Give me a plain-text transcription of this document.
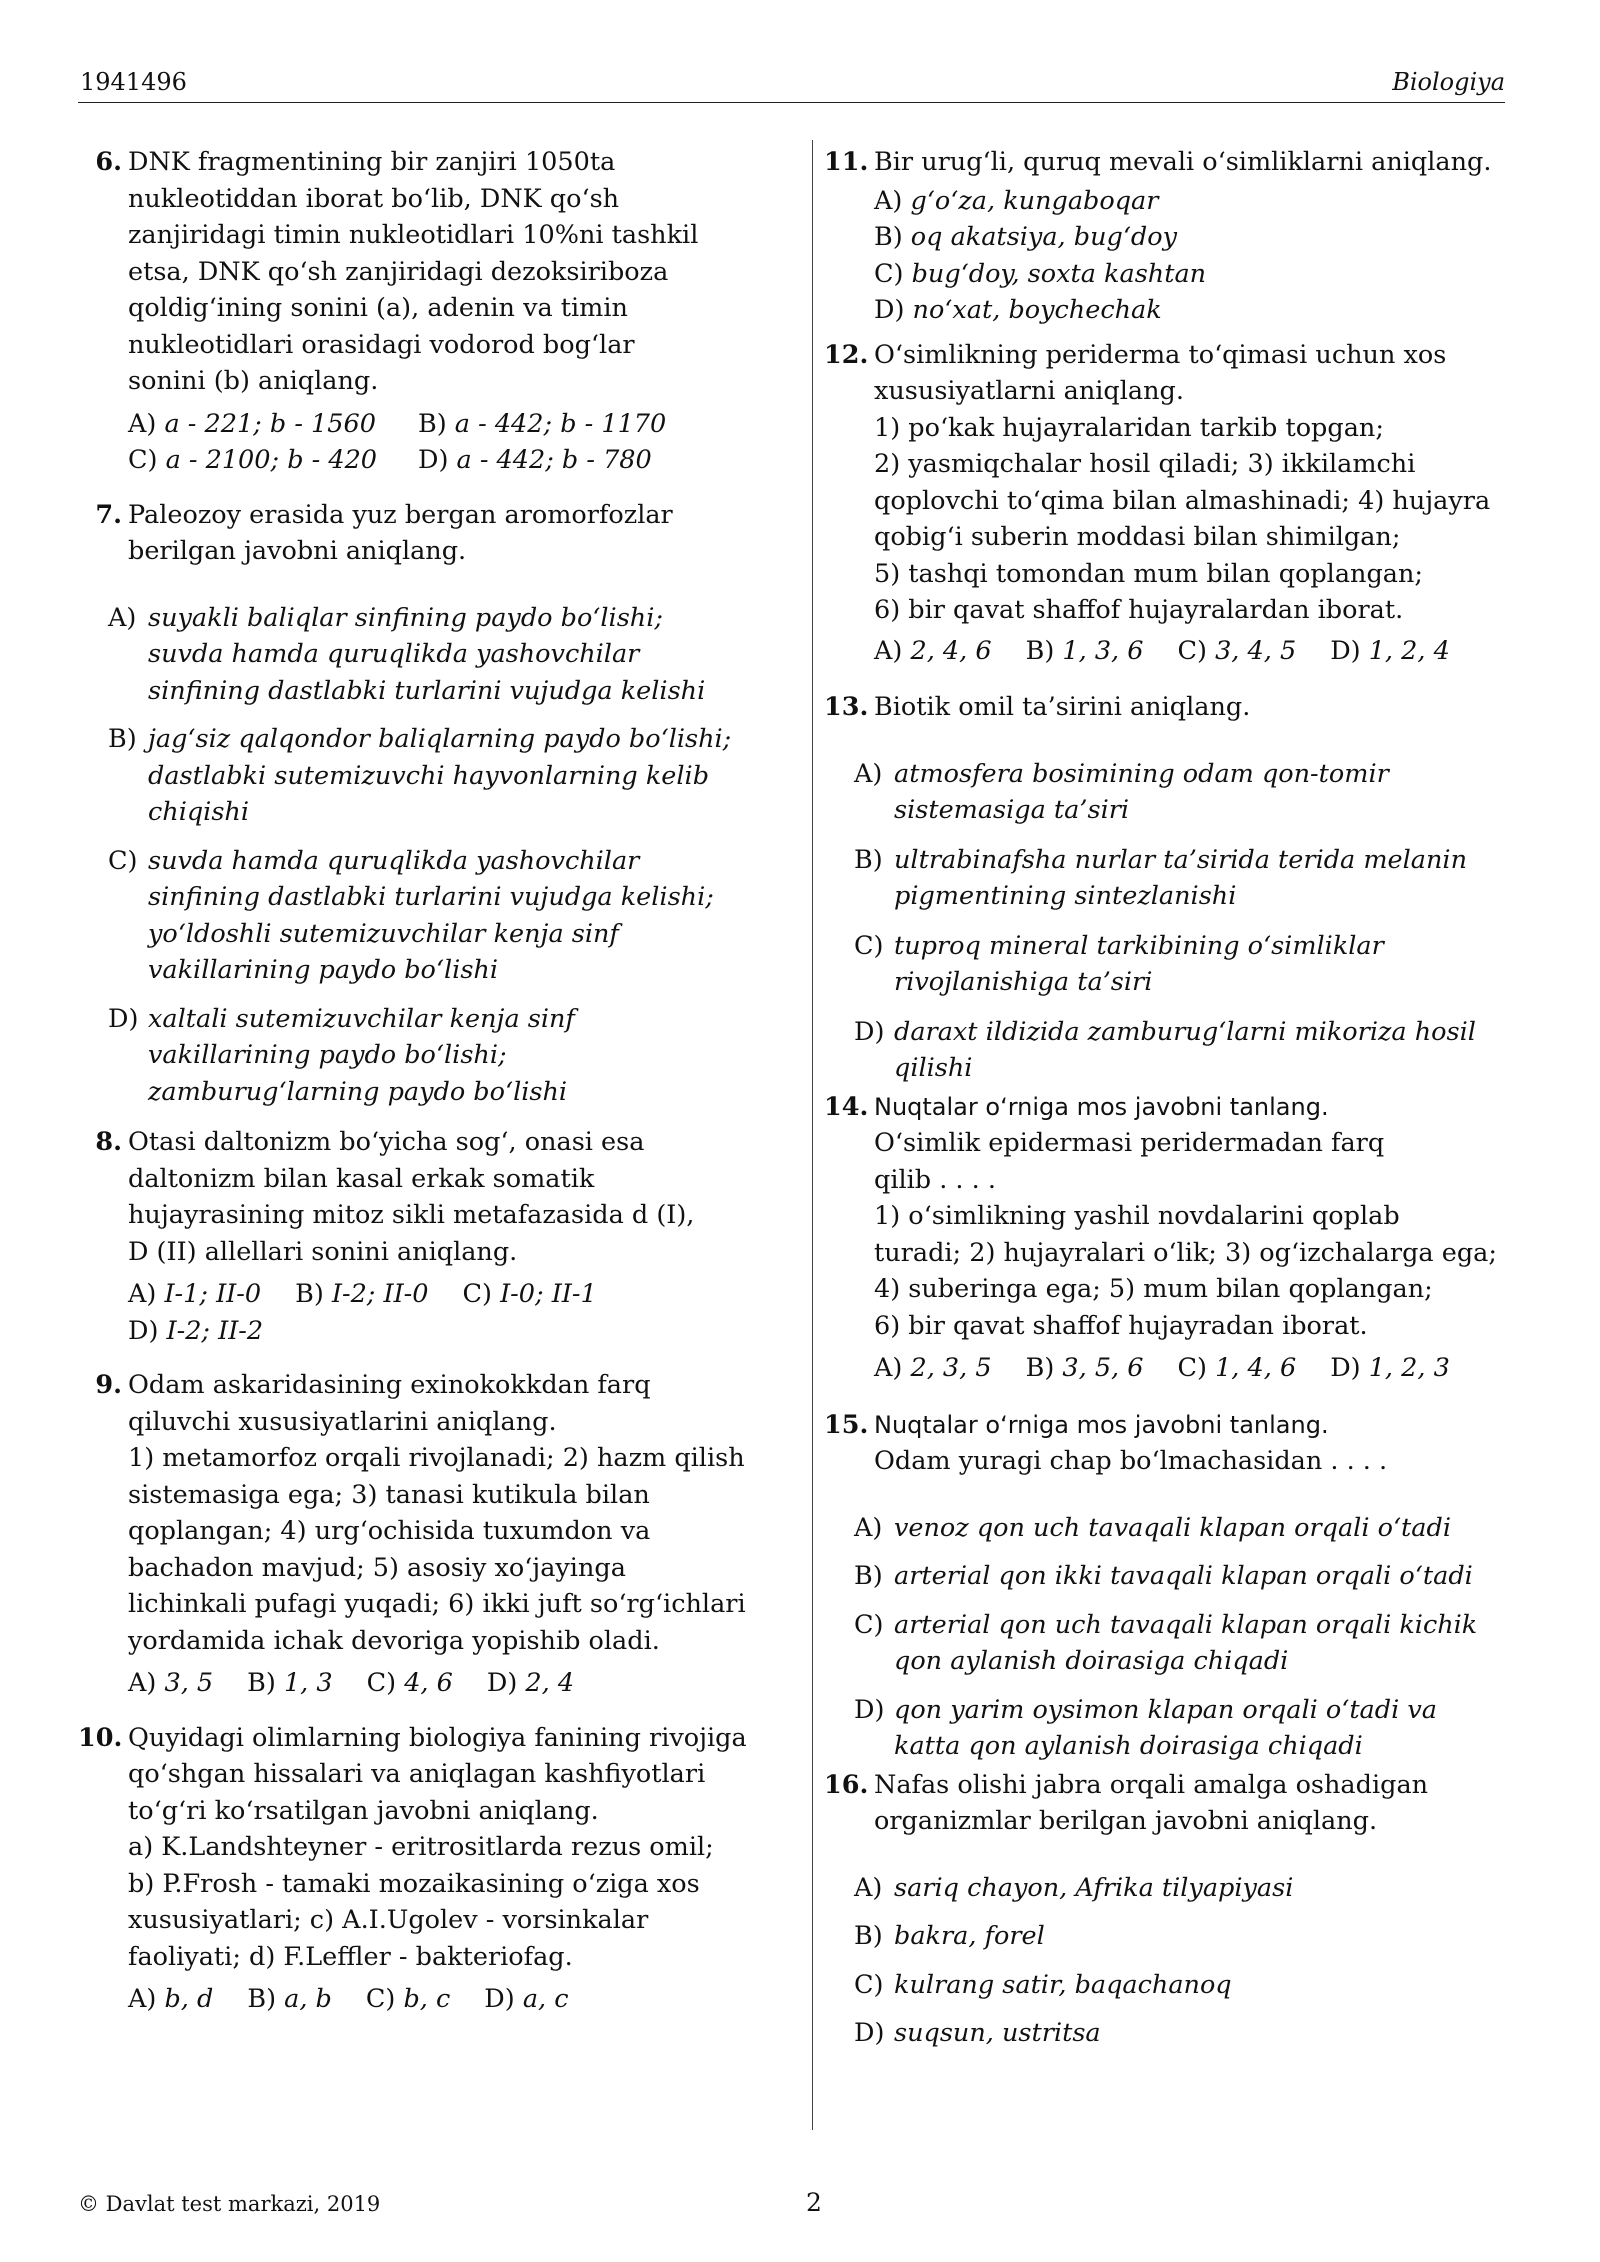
1941496	Biologiya
6. DNK fragmentining bir zanjiri 1050ta
nukleotiddan iborat bo‘lib, DNK qo‘sh
zanjiridagi timin nukleotidlari 10%ni tashkil
etsa, DNK qo‘sh zanjiridagi dezoksiriboza
qoldig‘ining sonini (a), adenin va timin
nukleotidlari orasidagi vodorod bog‘lar
sonini (b) aniqlang.
A) a - 221; b - 1560	B) a - 442; b - 1170
C) a - 2100; b - 420	D) a - 442; b - 780
7. Paleozoy erasida yuz bergan aromorfozlar
berilgan javobni aniqlang.
A) suyakli baliqlar sinfining paydo bo‘lishi;
suvda hamda quruqlikda yashovchilar
sinfining dastlabki turlarini vujudga kelishi
B) jag‘siz qalqondor baliqlarning paydo bo‘lishi;
dastlabki sutemizuvchi hayvonlarning kelib
chiqishi
C) suvda hamda quruqlikda yashovchilar
sinfining dastlabki turlarini vujudga kelishi;
yo‘ldoshli sutemizuvchilar kenja sinf
vakillarining paydo bo‘lishi
D) xaltali sutemizuvchilar kenja sinf
vakillarining paydo bo‘lishi;
zamburug‘larning paydo bo‘lishi
8. Otasi daltonizm bo‘yicha sog‘, onasi esa
daltonizm bilan kasal erkak somatik
hujayrasining mitoz sikli metafazasida d (I),
D (II) allellari sonini aniqlang.
A) I-1; II-0 B) I-2; II-0 C) I-0; II-1
D) I-2; II-2
9. Odam askaridasining exinokokkdan farq
qiluvchi xususiyatlarini aniqlang.
1) metamorfoz orqali rivojlanadi; 2) hazm qilish
sistemasiga ega; 3) tanasi kutikula bilan
qoplangan; 4) urg‘ochisida tuxumdon va
bachadon mavjud; 5) asosiy xo‘jayinga
lichinkali pufagi yuqadi; 6) ikki juft so‘rg‘ichlari
yordamida ichak devoriga yopishib oladi.
A) 3, 5 B) 1, 3 C) 4, 6 D) 2, 4
10. Quyidagi olimlarning biologiya fanining rivojiga
qo‘shgan hissalari va aniqlagan kashfiyotlari
to‘g‘ri ko‘rsatilgan javobni aniqlang.
a) K.Landshteyner - eritrositlarda rezus omil;
b) P.Frosh - tamaki mozaikasining o‘ziga xos
xususiyatlari; c) A.I.Ugolev - vorsinkalar
faoliyati; d) F.Leffler - bakteriofag.
A) b, d B) a, b C) b, c D) a, c
11. Bir urug‘li, quruq mevali o‘simliklarni aniqlang.
A) g‘o‘za, kungaboqar
B) oq akatsiya, bug‘doy
C) bug‘doy, soxta kashtan
D) no‘xat, boychechak
12. O‘simlikning periderma to‘qimasi uchun xos
xususiyatlarni aniqlang.
1) po‘kak hujayralaridan tarkib topgan;
2) yasmiqchalar hosil qiladi; 3) ikkilamchi
qoplovchi to‘qima bilan almashinadi; 4) hujayra
qobig‘i suberin moddasi bilan shimilgan;
5) tashqi tomondan mum bilan qoplangan;
6) bir qavat shaffof hujayralardan iborat.
A) 2, 4, 6 B) 1, 3, 6 C) 3, 4, 5 D) 1, 2, 4
13. Biotik omil ta’sirini aniqlang.
A) atmosfera bosimining odam qon-tomir
sistemasiga ta’siri
B) ultrabinafsha nurlar ta’sirida terida melanin
pigmentining sintezlanishi
C) tuproq mineral tarkibining o‘simliklar
rivojlanishiga ta’siri
D) daraxt ildizida zamburug‘larni mikoriza hosil
qilishi
14. Nuqtalar o‘rniga mos javobni tanlang.
O‘simlik epidermasi peridermadan farq
qilib . . . .
1) o‘simlikning yashil novdalarini qoplab
turadi; 2) hujayralari o‘lik; 3) og‘izchalarga ega;
4) suberinga ega; 5) mum bilan qoplangan;
6) bir qavat shaffof hujayradan iborat.
A) 2, 3, 5 B) 3, 5, 6 C) 1, 4, 6 D) 1, 2, 3
15. Nuqtalar o‘rniga mos javobni tanlang.
Odam yuragi chap bo‘lmachasidan . . . .
A) venoz qon uch tavaqali klapan orqali o‘tadi
B) arterial qon ikki tavaqali klapan orqali o‘tadi
C) arterial qon uch tavaqali klapan orqali kichik
qon aylanish doirasiga chiqadi
D) qon yarim oysimon klapan orqali o‘tadi va
katta qon aylanish doirasiga chiqadi
16. Nafas olishi jabra orqali amalga oshadigan
organizmlar berilgan javobni aniqlang.
A) sariq chayon, Afrika tilyapiyasi
B) bakra, forel
C) kulrang satir, baqachanoq
D) suqsun, ustritsa
© Davlat test markazi, 2019	2
